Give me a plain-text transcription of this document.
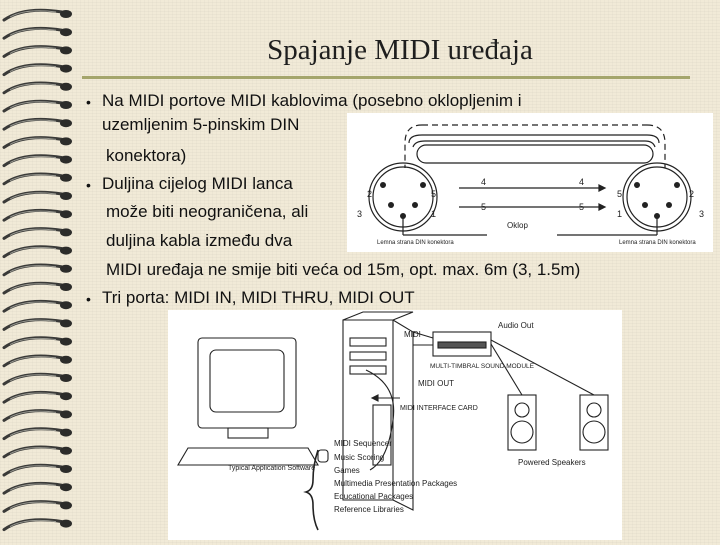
Spajanje MIDI uređaja
• Na MIDI portove MIDI kablovima (posebno oklopljenim i
uzemljenim 5-pinskim DIN
konektora)
• Duljina cijelog MIDI lanca
može biti neograničena, ali
duljina kabla između dva
MIDI uređaja ne smije biti veća od 15m, opt. max. 6m (3, 1.5m)
• Tri porta: MIDI IN, MIDI THRU, MIDI OUT
4	4
5	5
2	5
3	1
5	2
1	3
Oklop
Lemna strana DIN konektora	Lemna strana DIN konektora
MIDI
Audio Out
MULTI-TIMBRAL SOUND MODULE
MIDI OUT
MIDI INTERFACE CARD
Powered Speakers
Typical Application Software
MIDI Sequencer
Music Scoring
Games
Multimedia Presentation Packages
Educational Packages
Reference Libraries
